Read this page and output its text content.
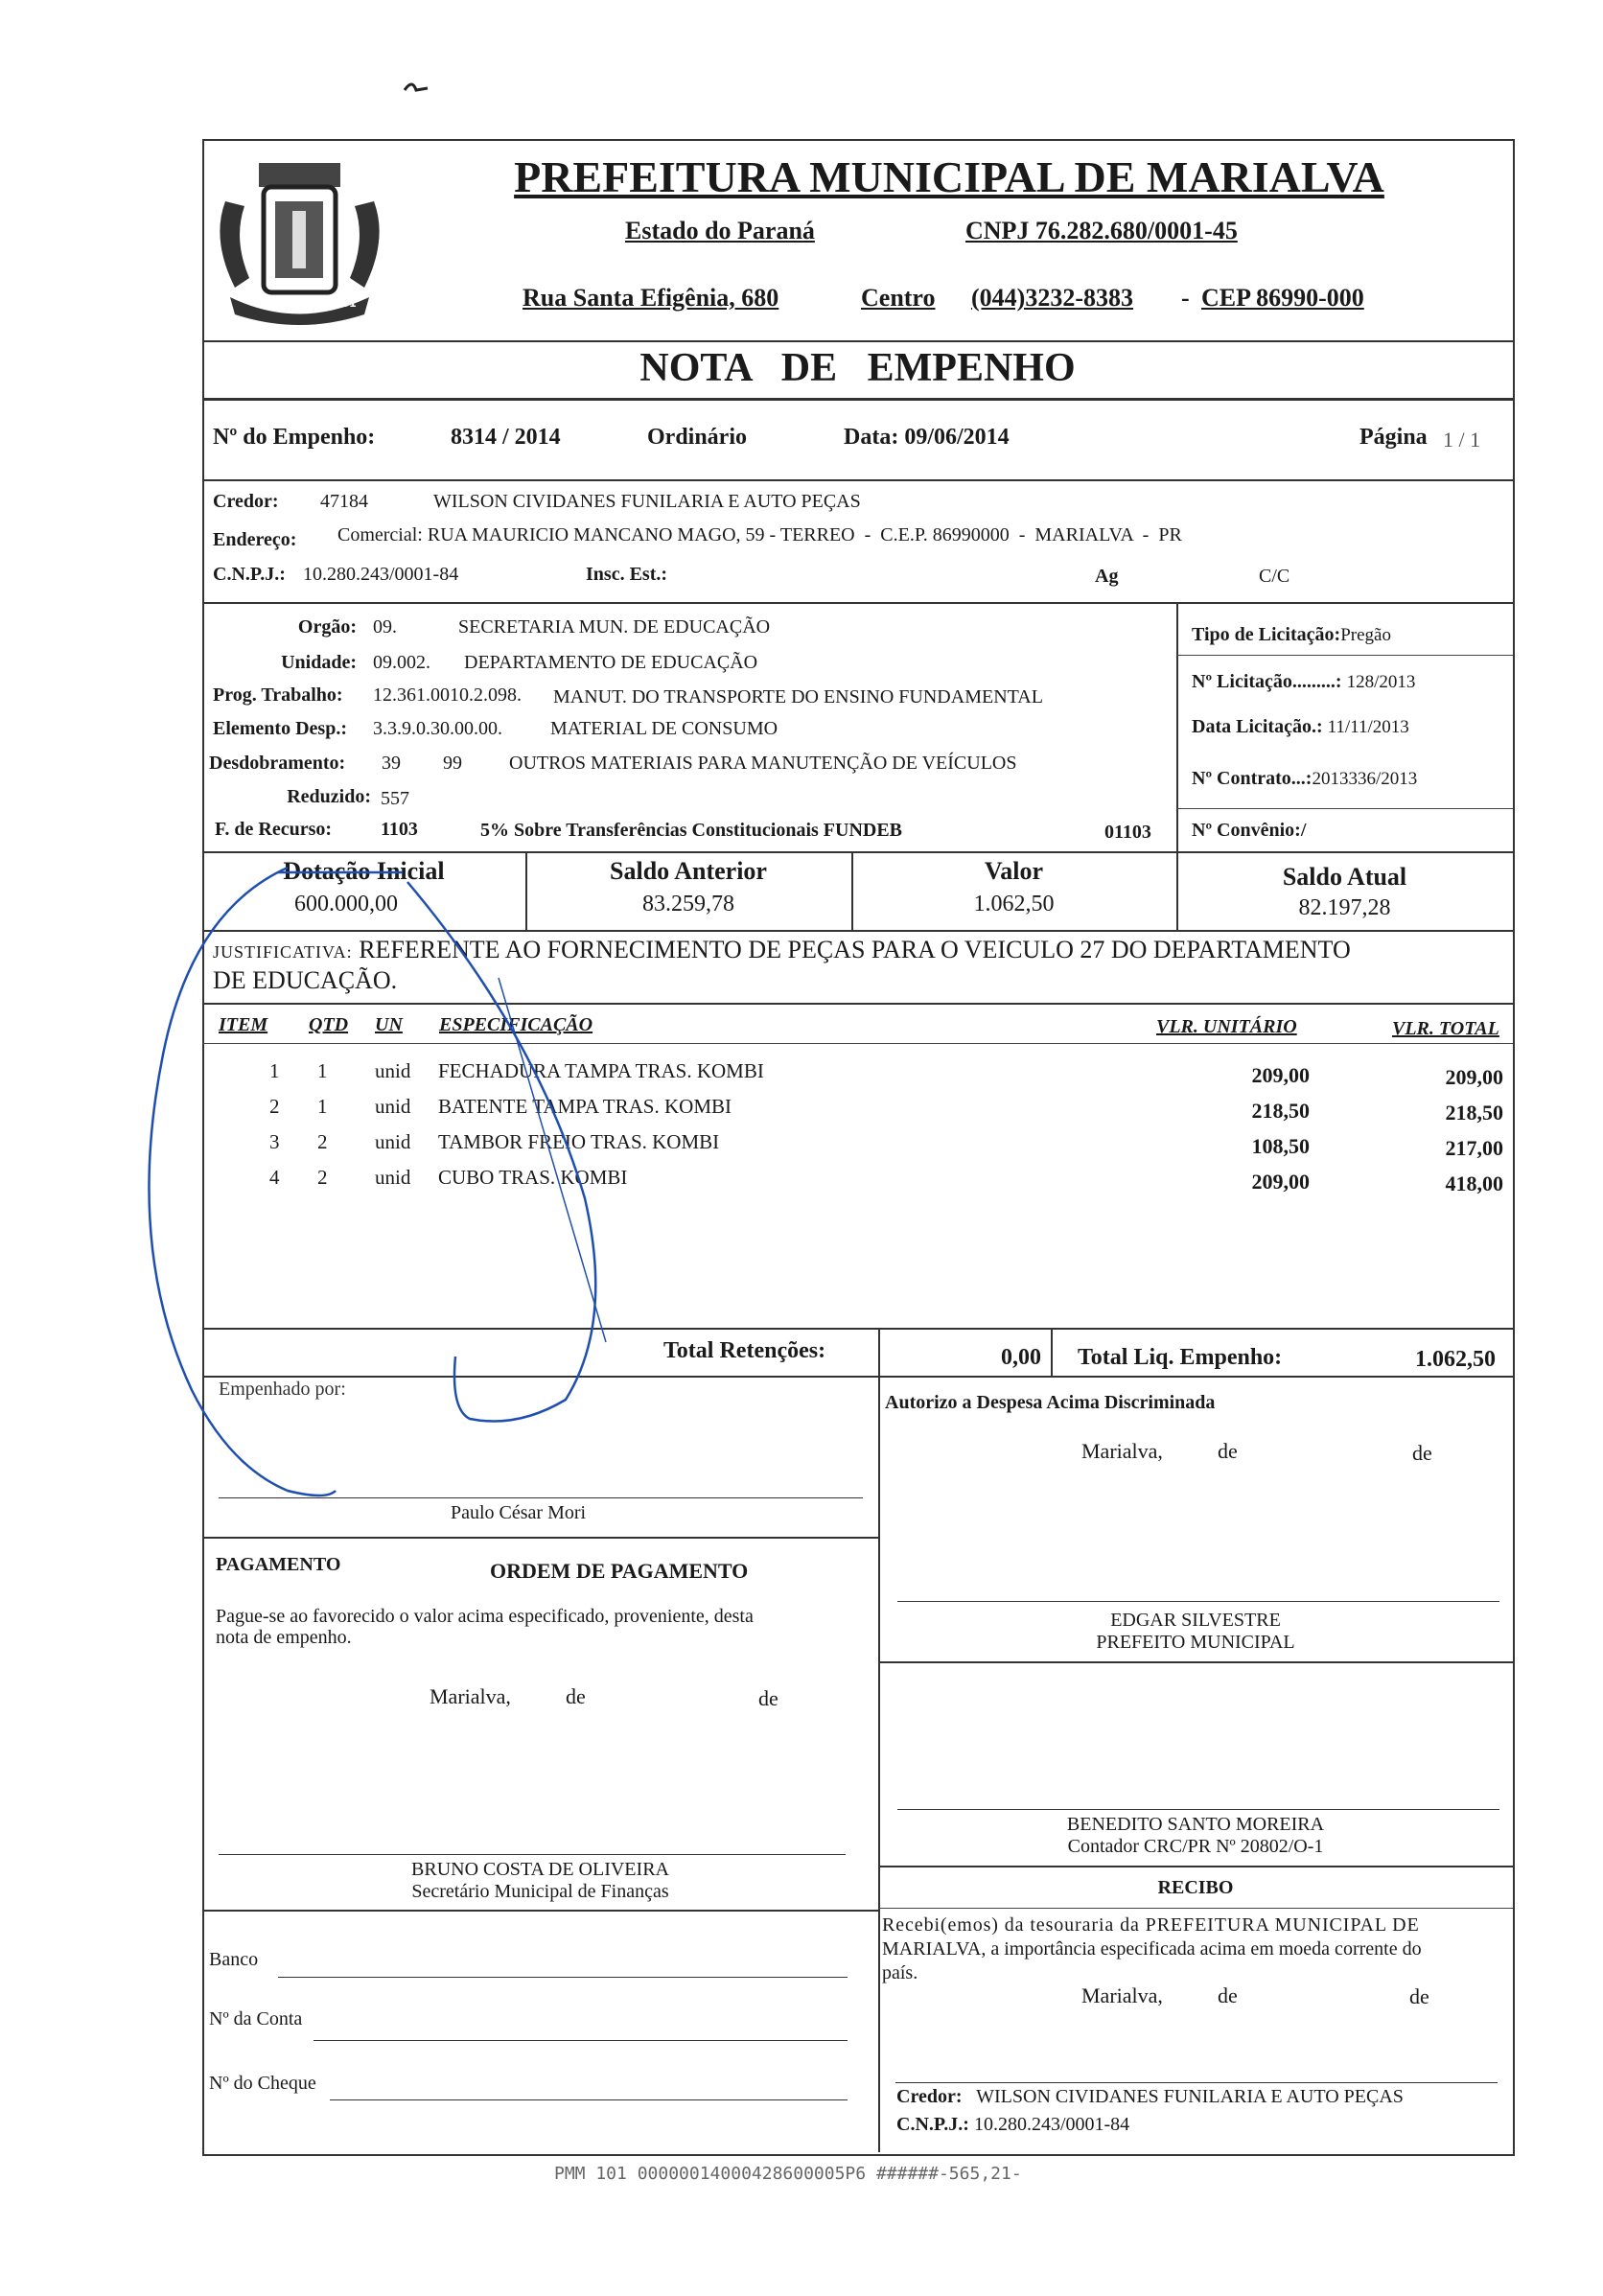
MARIALVA 1951
PREFEITURA MUNICIPAL DE MARIALVA
Estado do Paraná	CNPJ 76.282.680/0001-45
Rua Santa Efigênia, 680	Centro (044)3232-8383 - CEP 86990-000
NOTA   DE   EMPENHO
Nº do Empenho:	8314 / 2014	Ordinário	Data: 09/06/2014	Página 1 / 1
Credor: 47184	WILSON CIVIDANES FUNILARIA E AUTO PEÇAS
Endereço: Comercial: RUA MAURICIO MANCANO MAGO, 59 - TERREO  -  C.E.P. 86990000  -  MARIALVA  -  PR
C.N.P.J.: 10.280.243/0001-84	Insc. Est.:	Ag	C/C
Orgão: 09.	SECRETARIA MUN. DE EDUCAÇÃO
Unidade: 09.002. DEPARTAMENTO DE EDUCAÇÃO
Prog. Trabalho: 12.361.0010.2.098. MANUT. DO TRANSPORTE DO ENSINO FUNDAMENTAL
Elemento Desp.: 3.3.9.0.30.00.00.	MATERIAL DE CONSUMO
Desdobramento: 39 99 OUTROS MATERIAIS PARA MANUTENÇÃO DE VEÍCULOS
Reduzido: 557
F. de Recurso:	1103	5% Sobre Transferências Constitucionais FUNDEB	01103
Tipo de Licitação:Pregão
Nº Licitação.........: 128/2013
Data Licitação.: 11/11/2013
Nº Contrato...:2013336/2013
Nº Convênio:/
Dotação Inicial
600.000,00
Saldo Anterior
83.259,78
Valor
1.062,50
Saldo Atual
82.197,28
JUSTIFICATIVA: REFERENTE AO FORNECIMENTO DE PEÇAS PARA O VEICULO 27 DO DEPARTAMENTO
DE EDUCAÇÃO.
ITEM QTD UN ESPECIFICAÇÃO	VLR. UNITÁRIO	VLR. TOTAL
1 1 unid FECHADURA TAMPA TRAS. KOMBI	209,00	209,00
2 1 unid BATENTE TAMPA TRAS. KOMBI	218,50	218,50
3 2 unid TAMBOR FREIO TRAS. KOMBI	108,50	217,00
4 2 unid CUBO TRAS. KOMBI	209,00	418,00
Total Retenções:	0,00 Total Liq. Empenho:	1.062,50
Empenhado por:
Paulo César Mori
PAGAMENTO	ORDEM DE PAGAMENTO
Pague-se ao favorecido o valor acima especificado, proveniente, desta
nota de empenho.
Marialva,	de	de
BRUNO COSTA DE OLIVEIRA
Secretário Municipal de Finanças
Banco
Nº da Conta
Nº do Cheque
Autorizo a Despesa Acima Discriminada
Marialva,	de	de
EDGAR SILVESTRE
PREFEITO MUNICIPAL
BENEDITO SANTO MOREIRA
Contador CRC/PR Nº 20802/O-1
RECIBO
Recebi(emos) da tesouraria da PREFEITURA MUNICIPAL DE
MARIALVA, a importância especificada acima em moeda corrente do
país.
Marialva,	de	de
Credor: WILSON CIVIDANES FUNILARIA E AUTO PEÇAS
C.N.P.J.: 10.280.243/0001-84
PMM 101 00000014000428600005P6 ######-565,21-
